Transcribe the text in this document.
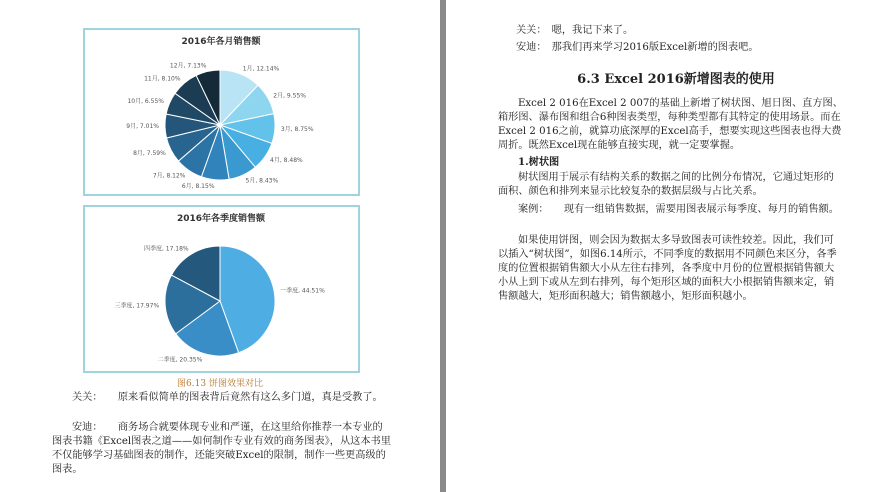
2016年各月销售额
1月, 12.14%
2月, 9.55%
3月, 8.75%
4月, 8.48%
5月, 8.43%
6月, 8.15%
7月, 8.12%
8月, 7.59%
9月, 7.01%
10月, 6.55%
11月, 8.10%
12月, 7.13%
2016年各季度销售额
一季度, 44.51%
二季度, 20.35%
三季度, 17.97%
四季度, 17.18%
图6.13 饼图效果对比
关关：　　原来看似简单的图表背后竟然有这么多门道，真是受教了。
安迪：　　商务场合就要体现专业和严谨，在这里给你推荐一本专业的图表书籍《Excel图表之道——如何制作专业有效的商务图表》，从这本书里不仅能够学习基础图表的制作，还能突破Excel的限制，制作一些更高级的图表。
关关：　嗯，我记下来了。
安迪：　那我们再来学习2016版Excel新增的图表吧。
6.3 Excel 2016新增图表的使用
Excel 2 016在Excel 2 007的基础上新增了树状图、旭日图、直方图、箱形图、瀑布图和组合6种图表类型，每种类型都有其特定的使用场景。而在Excel 2 016之前，就算功底深厚的Excel高手，想要实现这些图表也得大费周折。既然Excel现在能够直接实现，就一定要掌握。
1.树状图
树状图用于展示有结构关系的数据之间的比例分布情况，它通过矩形的面积、颜色和排列来显示比较复杂的数据层级与占比关系。
案例：　　现有一组销售数据，需要用图表展示每季度、每月的销售额。
如果使用饼图，则会因为数据太多导致图表可读性较差。因此，我们可以插入“树状图”，如图6.14所示，不同季度的数据用不同颜色来区分，各季度的位置根据销售额大小从左往右排列，各季度中月份的位置根据销售额大小从上到下或从左到右排列，每个矩形区域的面积大小根据销售额来定，销售额越大，矩形面积越大；销售额越小，矩形面积越小。
